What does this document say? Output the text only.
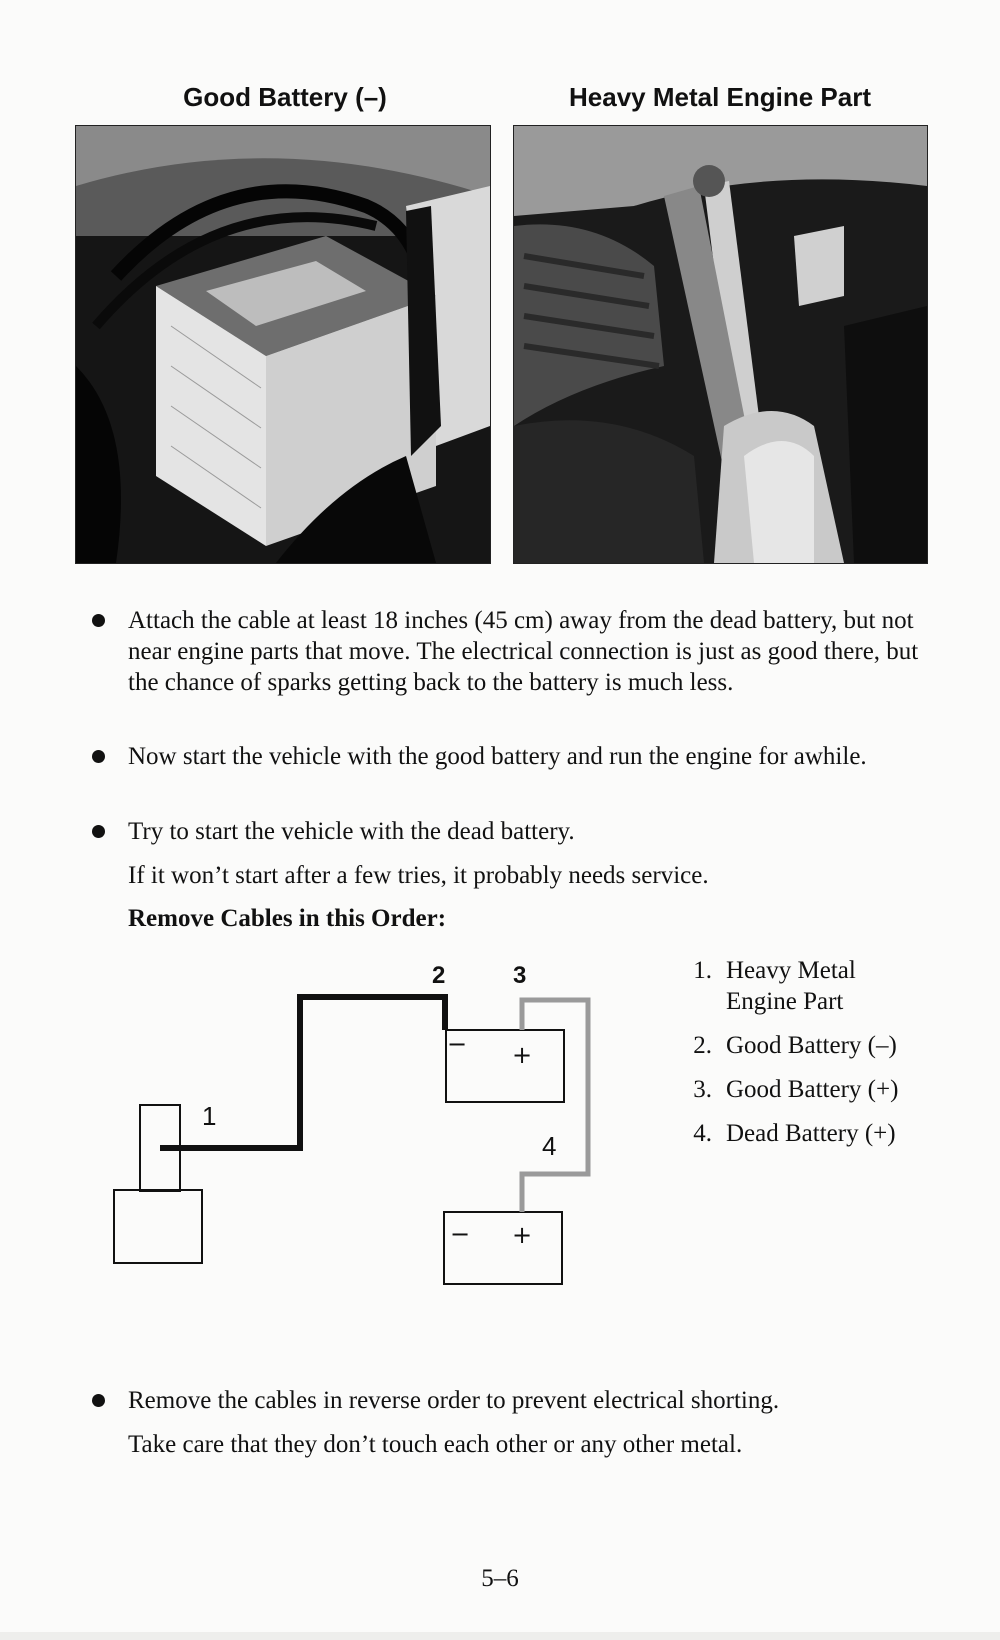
Good Battery (–)	Heavy Metal Engine Part
Attach the cable at least 18 inches (45 cm) away from the dead battery, but not near engine parts that move. The electrical connection is just as good there, but the chance of sparks getting back to the battery is much less.
Now start the vehicle with the good battery and run the engine for awhile.
Try to start the vehicle with the dead battery.
If it won’t start after a few tries, it probably needs service.
Remove Cables in this Order:
− +
− +
1
2	3
4
1. Heavy Metal Engine Part
2. Good Battery (–)
3. Good Battery (+)
4. Dead Battery (+)
Remove the cables in reverse order to prevent electrical shorting.
Take care that they don’t touch each other or any other metal.
5–6
